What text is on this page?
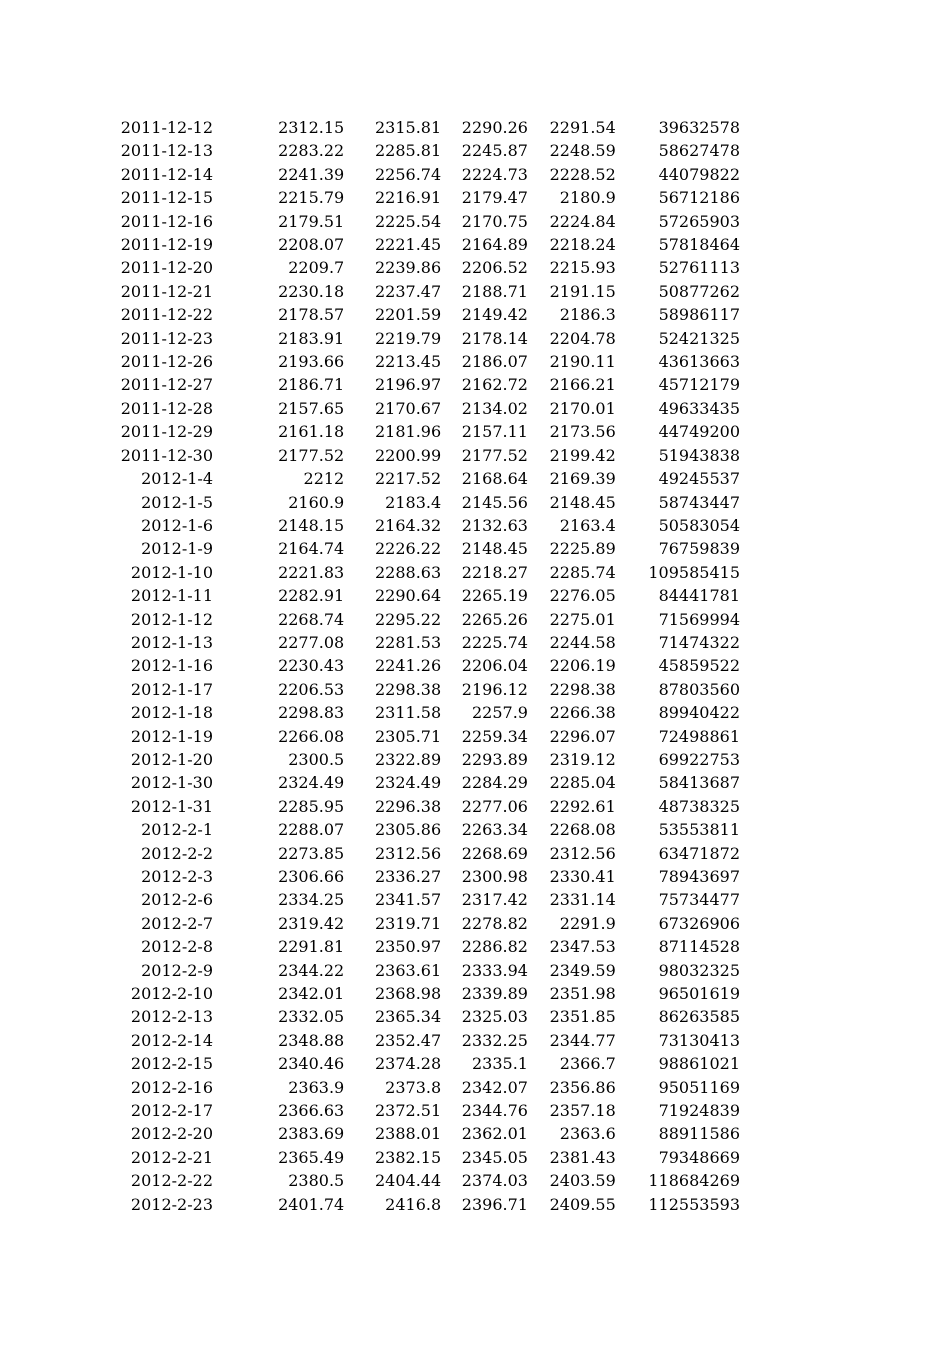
2011-12-12	2312.15	2315.81	2290.26	2291.54	39632578
2011-12-13	2283.22	2285.81	2245.87	2248.59	58627478
2011-12-14	2241.39	2256.74	2224.73	2228.52	44079822
2011-12-15	2215.79	2216.91	2179.47	2180.9	56712186
2011-12-16	2179.51	2225.54	2170.75	2224.84	57265903
2011-12-19	2208.07	2221.45	2164.89	2218.24	57818464
2011-12-20	2209.7	2239.86	2206.52	2215.93	52761113
2011-12-21	2230.18	2237.47	2188.71	2191.15	50877262
2011-12-22	2178.57	2201.59	2149.42	2186.3	58986117
2011-12-23	2183.91	2219.79	2178.14	2204.78	52421325
2011-12-26	2193.66	2213.45	2186.07	2190.11	43613663
2011-12-27	2186.71	2196.97	2162.72	2166.21	45712179
2011-12-28	2157.65	2170.67	2134.02	2170.01	49633435
2011-12-29	2161.18	2181.96	2157.11	2173.56	44749200
2011-12-30	2177.52	2200.99	2177.52	2199.42	51943838
2012-1-4	2212	2217.52	2168.64	2169.39	49245537
2012-1-5	2160.9	2183.4	2145.56	2148.45	58743447
2012-1-6	2148.15	2164.32	2132.63	2163.4	50583054
2012-1-9	2164.74	2226.22	2148.45	2225.89	76759839
2012-1-10	2221.83	2288.63	2218.27	2285.74	109585415
2012-1-11	2282.91	2290.64	2265.19	2276.05	84441781
2012-1-12	2268.74	2295.22	2265.26	2275.01	71569994
2012-1-13	2277.08	2281.53	2225.74	2244.58	71474322
2012-1-16	2230.43	2241.26	2206.04	2206.19	45859522
2012-1-17	2206.53	2298.38	2196.12	2298.38	87803560
2012-1-18	2298.83	2311.58	2257.9	2266.38	89940422
2012-1-19	2266.08	2305.71	2259.34	2296.07	72498861
2012-1-20	2300.5	2322.89	2293.89	2319.12	69922753
2012-1-30	2324.49	2324.49	2284.29	2285.04	58413687
2012-1-31	2285.95	2296.38	2277.06	2292.61	48738325
2012-2-1	2288.07	2305.86	2263.34	2268.08	53553811
2012-2-2	2273.85	2312.56	2268.69	2312.56	63471872
2012-2-3	2306.66	2336.27	2300.98	2330.41	78943697
2012-2-6	2334.25	2341.57	2317.42	2331.14	75734477
2012-2-7	2319.42	2319.71	2278.82	2291.9	67326906
2012-2-8	2291.81	2350.97	2286.82	2347.53	87114528
2012-2-9	2344.22	2363.61	2333.94	2349.59	98032325
2012-2-10	2342.01	2368.98	2339.89	2351.98	96501619
2012-2-13	2332.05	2365.34	2325.03	2351.85	86263585
2012-2-14	2348.88	2352.47	2332.25	2344.77	73130413
2012-2-15	2340.46	2374.28	2335.1	2366.7	98861021
2012-2-16	2363.9	2373.8	2342.07	2356.86	95051169
2012-2-17	2366.63	2372.51	2344.76	2357.18	71924839
2012-2-20	2383.69	2388.01	2362.01	2363.6	88911586
2012-2-21	2365.49	2382.15	2345.05	2381.43	79348669
2012-2-22	2380.5	2404.44	2374.03	2403.59	118684269
2012-2-23	2401.74	2416.8	2396.71	2409.55	112553593
